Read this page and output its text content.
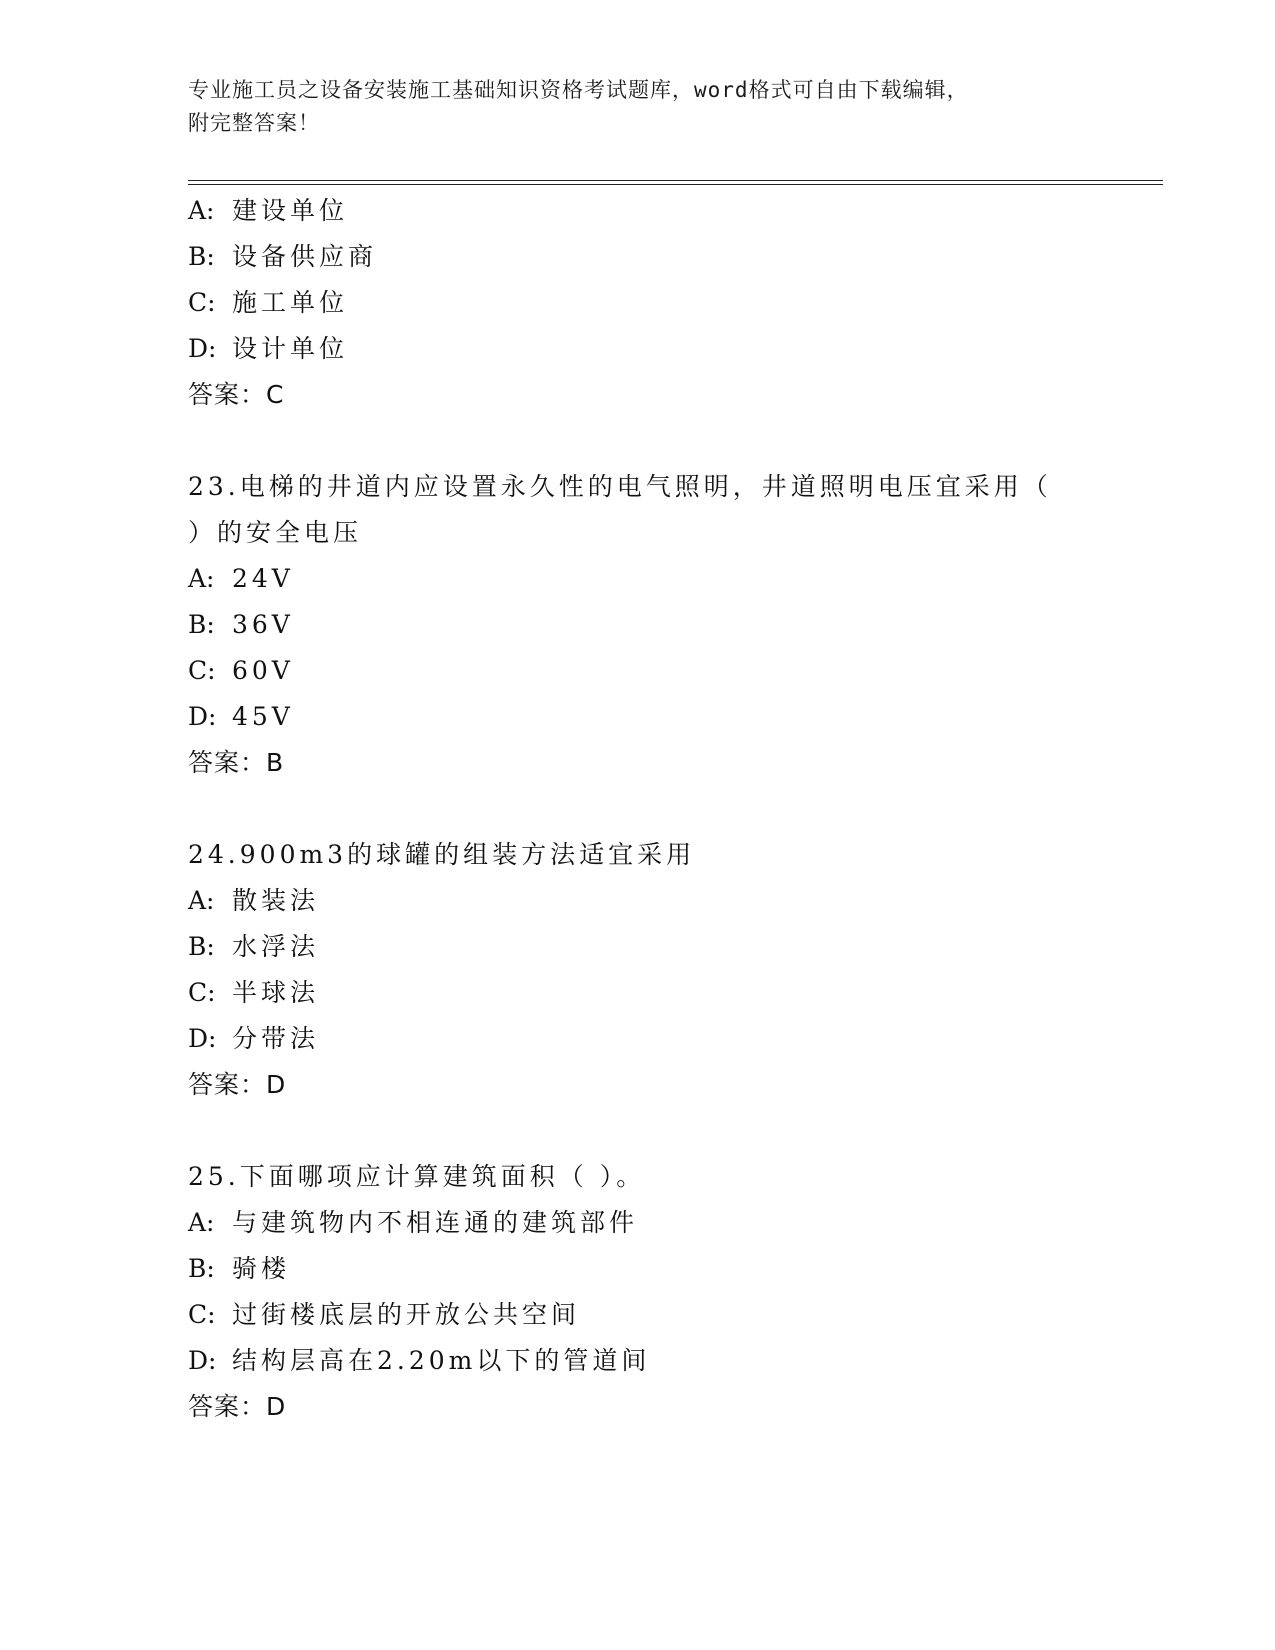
专业施工员之设备安装施工基础知识资格考试题库，word格式可自由下载编辑，
附完整答案！
A: 建设单位
B: 设备供应商
C: 施工单位
D: 设计单位
答案：C
23.电梯的井道内应设置永久性的电气照明，井道照明电压宜采用（
）的安全电压
A: 24V
B: 36V
C: 60V
D: 45V
答案：B
24.900m3的球罐的组装方法适宜采用
A: 散装法
B: 水浮法
C: 半球法
D: 分带法
答案：D
25.下面哪项应计算建筑面积（ ）。
A: 与建筑物内不相连通的建筑部件
B: 骑楼
C: 过街楼底层的开放公共空间
D: 结构层高在2.20m以下的管道间
答案：D
